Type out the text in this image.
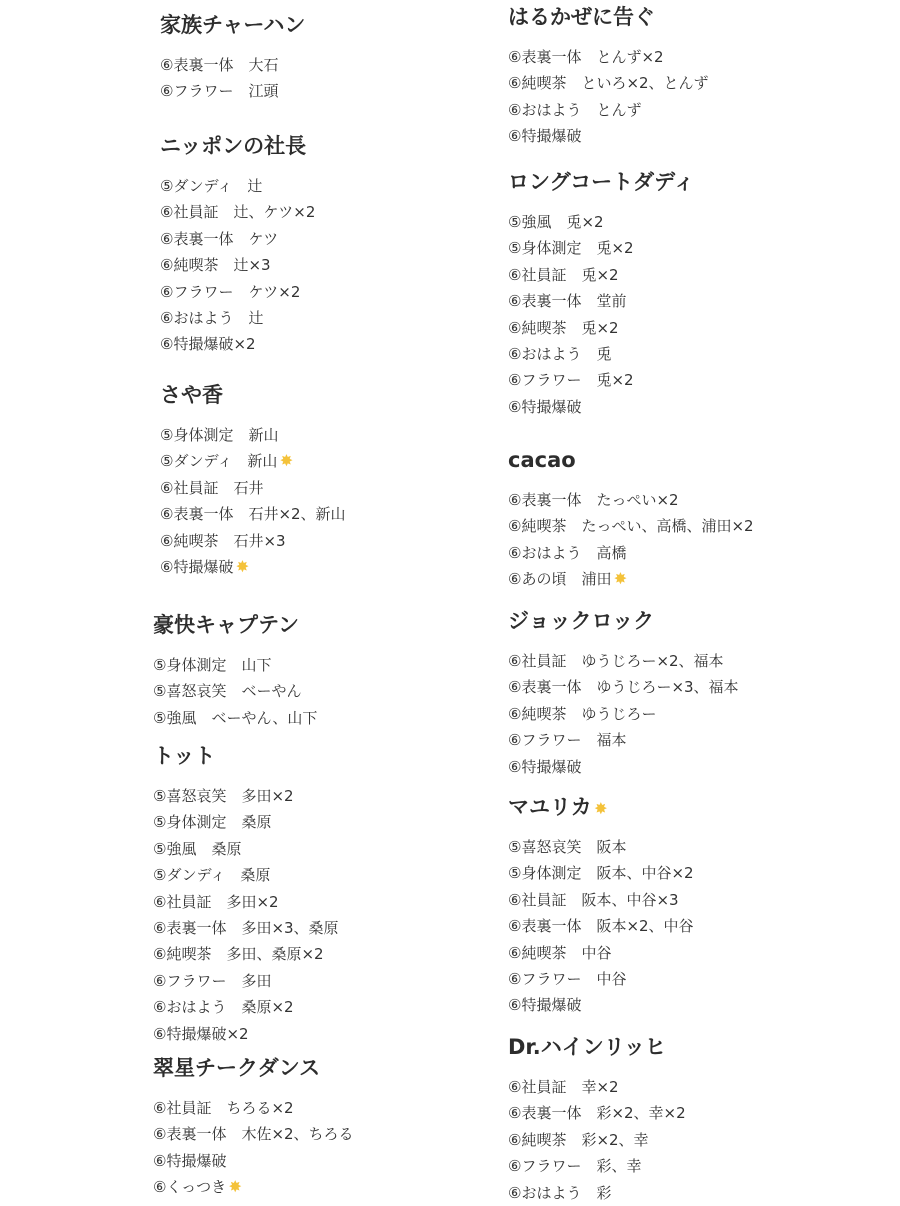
家族チャーハン
⑥表裏一体　大石
⑥フラワー　江頭
ニッポンの社長
⑤ダンディ　辻
⑥社員証　辻、ケツ×2
⑥表裏一体　ケツ
⑥純喫茶　辻×3
⑥フラワー　ケツ×2
⑥おはよう　辻
⑥特撮爆破×2
さや香
⑤身体測定　新山
⑤ダンディ　新山 ✸
⑥社員証　石井
⑥表裏一体　石井×2、新山
⑥純喫茶　石井×3
⑥特撮爆破 ✸
豪快キャプテン
⑤身体測定　山下
⑤喜怒哀笑　ベーやん
⑤強風　ベーやん、山下
トット
⑤喜怒哀笑　多田×2
⑤身体測定　桑原
⑤強風　桑原
⑤ダンディ　桑原
⑥社員証　多田×2
⑥表裏一体　多田×3、桑原
⑥純喫茶　多田、桑原×2
⑥フラワー　多田
⑥おはよう　桑原×2
⑥特撮爆破×2
翠星チークダンス
⑥社員証　ちろる×2
⑥表裏一体　木佐×2、ちろる
⑥特撮爆破
⑥くっつき ✸
はるかぜに告ぐ
⑥表裏一体　とんず×2
⑥純喫茶　といろ×2、とんず
⑥おはよう　とんず
⑥特撮爆破
ロングコートダディ
⑤強風　兎×2
⑤身体測定　兎×2
⑥社員証　兎×2
⑥表裏一体　堂前
⑥純喫茶　兎×2
⑥おはよう　兎
⑥フラワー　兎×2
⑥特撮爆破
cacao
⑥表裏一体　たっぺい×2
⑥純喫茶　たっぺい、高橋、浦田×2
⑥おはよう　高橋
⑥あの頃　浦田 ✸
ジョックロック
⑥社員証　ゆうじろー×2、福本
⑥表裏一体　ゆうじろー×3、福本
⑥純喫茶　ゆうじろー
⑥フラワー　福本
⑥特撮爆破
マユリカ ✸
⑤喜怒哀笑　阪本
⑤身体測定　阪本、中谷×2
⑥社員証　阪本、中谷×3
⑥表裏一体　阪本×2、中谷
⑥純喫茶　中谷
⑥フラワー　中谷
⑥特撮爆破
Dr.ハインリッヒ
⑥社員証　幸×2
⑥表裏一体　彩×2、幸×2
⑥純喫茶　彩×2、幸
⑥フラワー　彩、幸
⑥おはよう　彩
